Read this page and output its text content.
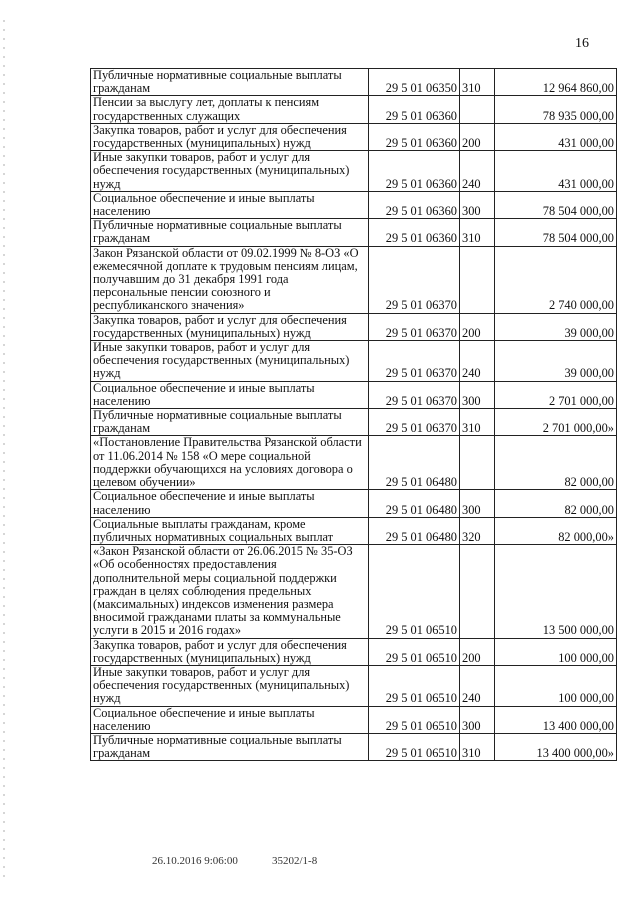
16
Публичные нормативные социальные выплаты гражданам	29 5 01 06350	310	12 964 860,00
Пенсии за выслугу лет, доплаты к пенсиям государственных служащих	29 5 01 06360		78 935 000,00
Закупка товаров, работ и услуг для обеспечения государственных (муниципальных) нужд	29 5 01 06360	200	431 000,00
Иные закупки товаров, работ и услуг для обеспечения государственных (муниципальных) нужд	29 5 01 06360	240	431 000,00
Социальное обеспечение и иные выплаты населению	29 5 01 06360	300	78 504 000,00
Публичные нормативные социальные выплаты гражданам	29 5 01 06360	310	78 504 000,00
Закон Рязанской области от 09.02.1999 № 8-ОЗ «О ежемесячной доплате к трудовым пенсиям лицам, получавшим до 31 декабря 1991 года персональные пенсии союзного и республиканского значения»	29 5 01 06370		2 740 000,00
Закупка товаров, работ и услуг для обеспечения государственных (муниципальных) нужд	29 5 01 06370	200	39 000,00
Иные закупки товаров, работ и услуг для обеспечения государственных (муниципальных) нужд	29 5 01 06370	240	39 000,00
Социальное обеспечение и иные выплаты населению	29 5 01 06370	300	2 701 000,00
Публичные нормативные социальные выплаты гражданам	29 5 01 06370	310	2 701 000,00»
«Постановление Правительства Рязанской области от 11.06.2014 № 158 «О мере социальной поддержки обучающихся на условиях договора о целевом обучении»	29 5 01 06480		82 000,00
Социальное обеспечение и иные выплаты населению	29 5 01 06480	300	82 000,00
Социальные выплаты гражданам, кроме публичных нормативных социальных выплат	29 5 01 06480	320	82 000,00»
«Закон Рязанской области от 26.06.2015 № 35-ОЗ «Об особенностях предоставления дополнительной меры социальной поддержки граждан в целях соблюдения предельных (максимальных) индексов изменения размера вносимой гражданами платы за коммунальные услуги в 2015 и 2016 годах»	29 5 01 06510		13 500 000,00
Закупка товаров, работ и услуг для обеспечения государственных (муниципальных) нужд	29 5 01 06510	200	100 000,00
Иные закупки товаров, работ и услуг для обеспечения государственных (муниципальных) нужд	29 5 01 06510	240	100 000,00
Социальное обеспечение и иные выплаты населению	29 5 01 06510	300	13 400 000,00
Публичные нормативные социальные выплаты гражданам	29 5 01 06510	310	13 400 000,00»
26.10.2016 9:06:00	35202/1-8
